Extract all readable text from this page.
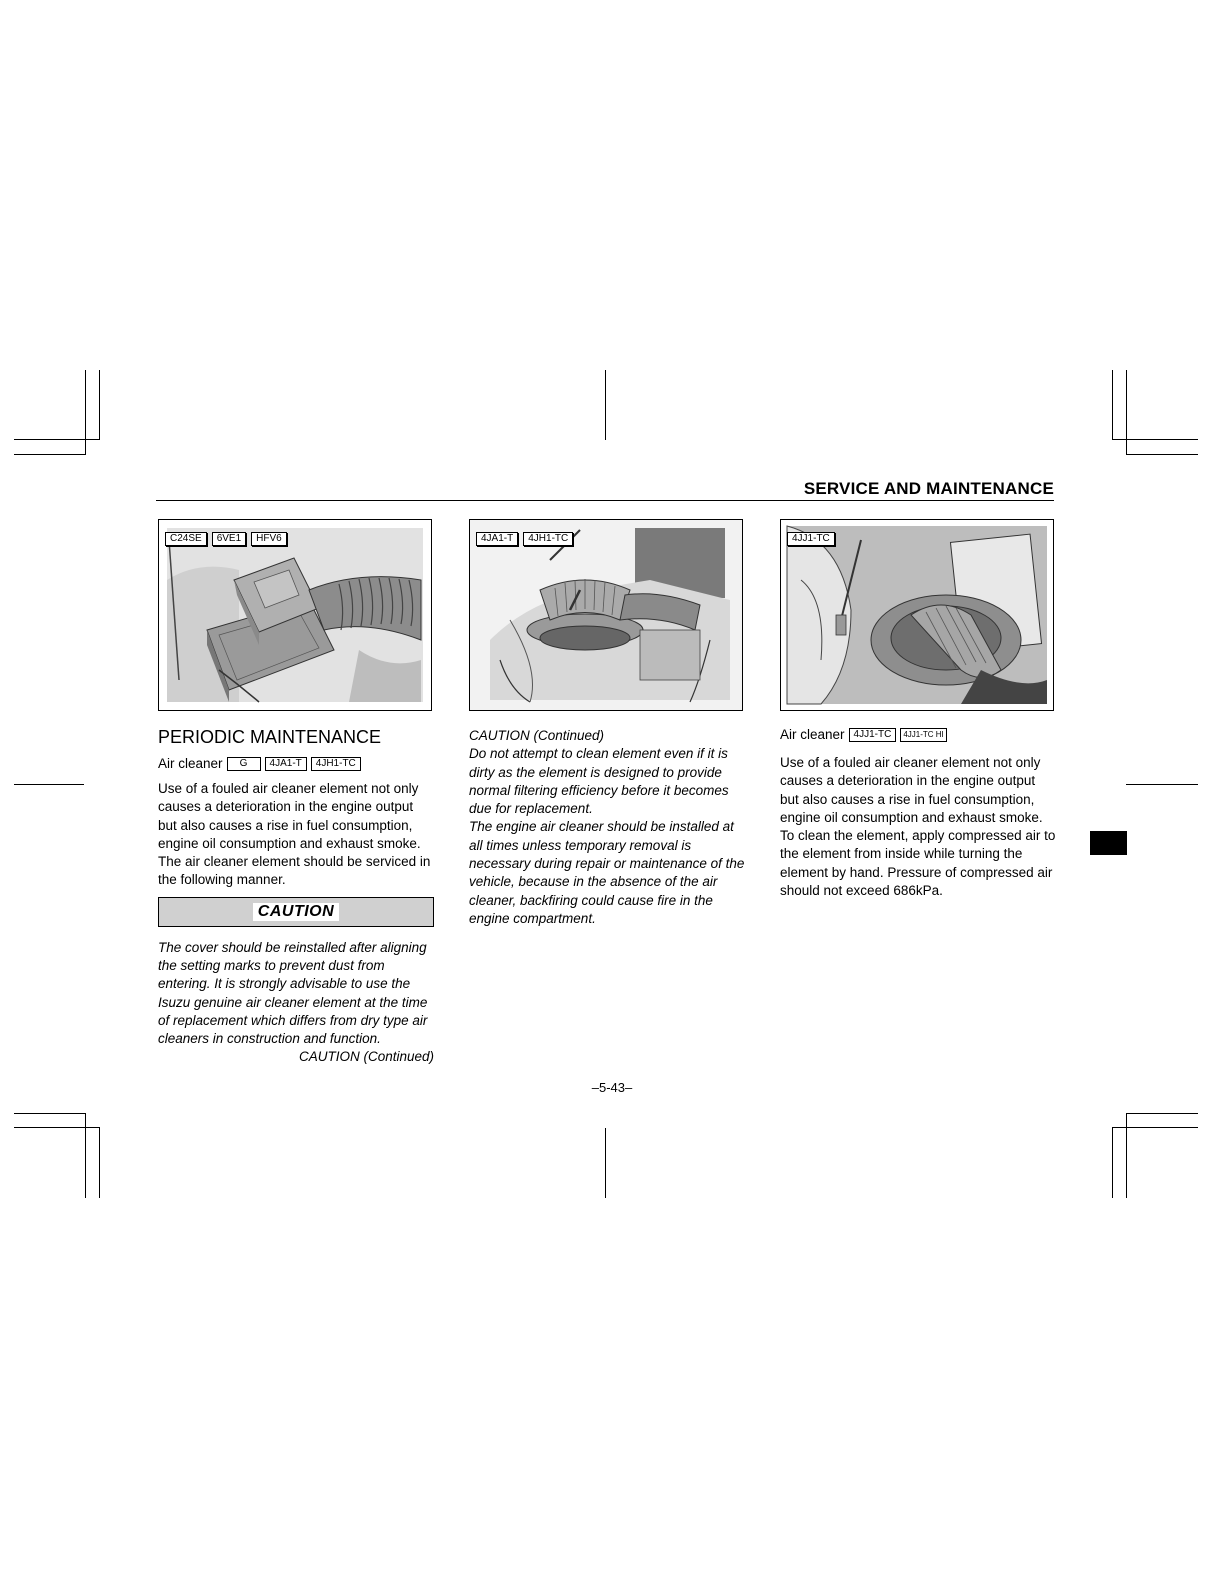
SERVICE AND MAINTENANCE
C24SE	6VE1	HFV6	4JA1-T	4JH1-TC	4JJ1-TC
PERIODIC MAINTENANCE
Air cleaner	G	4JA1-T	4JH1-TC

Use of a fouled air cleaner element not only causes a deterioration in the engine output but also causes a rise in fuel consumption, engine oil consumption and exhaust smoke. The air cleaner element should be serviced in the following manner.

CAUTION

The cover should be reinstalled after aligning the setting marks to prevent dust from entering. It is strongly advisable to use the Isuzu genuine air cleaner element at the time of replacement which differs from dry type air cleaners in construction and function.

CAUTION (Continued)

CAUTION (Continued)

Do not attempt to clean element even if it is dirty as the element is designed to provide normal filtering efficiency before it becomes due for replacement.

The engine air cleaner should be installed at all times unless temporary removal is necessary during repair or maintenance of the vehicle, because in the absence of the air cleaner, backfiring could cause fire in the engine compartment.

Air cleaner 4JJ1-TC	4JJ1-TC HI

Use of a fouled air cleaner element not only causes a deterioration in the engine output but also causes a rise in fuel consumption, engine oil consumption and exhaust smoke. To clean the element, apply compressed air to the element from inside while turning the element by hand. Pressure of compressed air should not exceed 686kPa.

–5-43–
